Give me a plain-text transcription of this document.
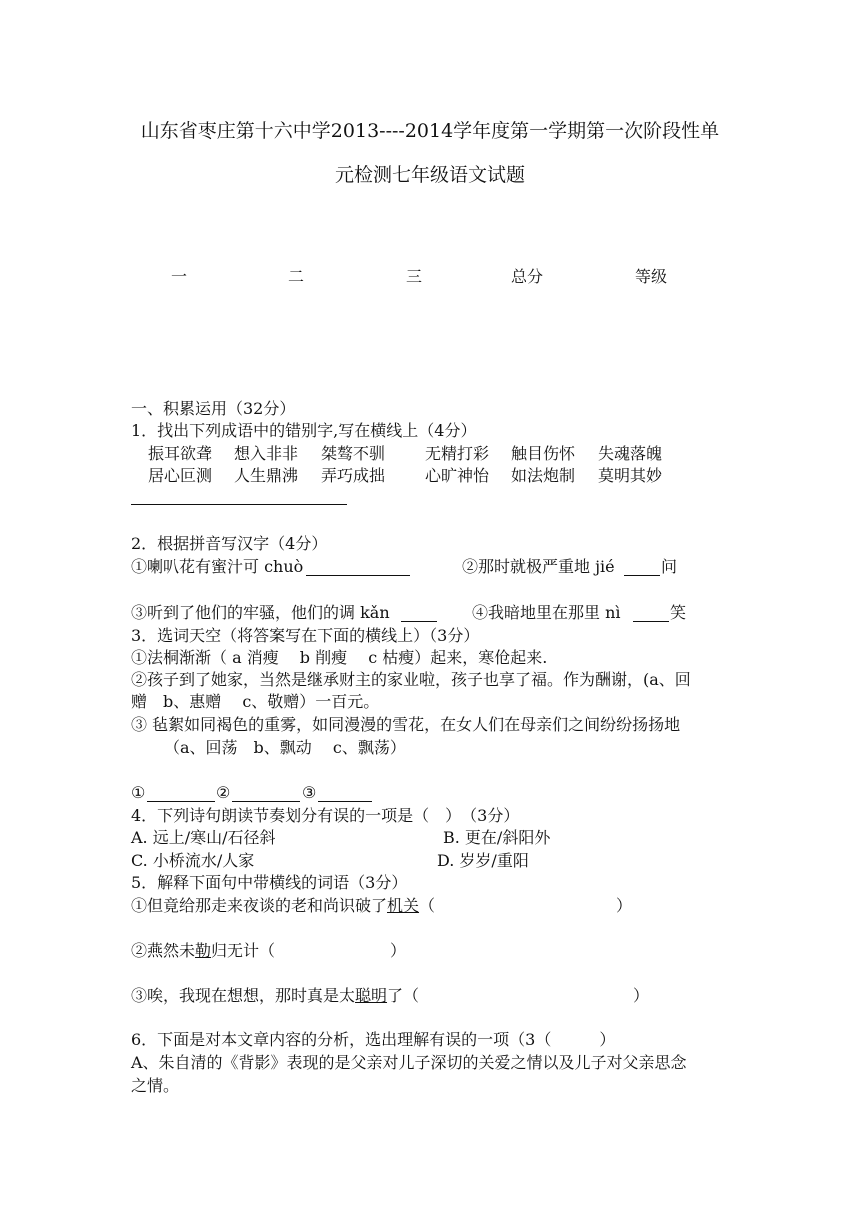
山东省枣庄第十六中学2013----2014学年度第一学期第一次阶段性单
元检测七年级语文试题
一	二	三	总分	等级
一、积累运用（32分）
1．找出下列成语中的错别字,写在横线上（4分）
振耳欲聋 想入非非 桀骜不驯 无精打彩 触目伤怀 失魂落魄
居心叵测 人生鼎沸 弄巧成拙 心旷神怡 如法炮制 莫明其妙
2．根据拼音写汉字（4分）
①喇叭花有蜜汁可 chuò	②那时就极严重地 jié	问
③听到了他们的牢骚，他们的调 kǎn	④我暗地里在那里 nì	笑
3．选词天空（将答案写在下面的横线上）（3分）
①法桐渐渐（ a 消瘦　 b 削瘦　 c 枯瘦）起来，寒伧起来.
②孩子到了她家，当然是继承财主的家业啦，孩子也享了福。作为酬谢，(a、回
赠　b、惠赠　 c、敬赠）一百元。
③ 毡絮如同褐色的重雾，如同漫漫的雪花，在女人们在母亲们之间纷纷扬扬地
（a、回荡　b、飘动　 c、飘荡）
①	②	③
4．下列诗句朗读节奏划分有误的一项是（　）　（3分）
A. 远上/寒山/石径斜	B. 更在/斜阳外
C. 小桥流水/人家	D. 岁岁/重阳
5．解释下面句中带横线的词语（3分）
①但竟给那走来夜谈的老和尚识破了机关（	）
②燕然未勒归无计（	）
③唉，我现在想想，那时真是太聪明了（	）
6．下面是对本文章内容的分析，选出理解有误的一项（3（　　　）
A、朱自清的《背影》表现的是父亲对儿子深切的关爱之情以及儿子对父亲思念
之情。
